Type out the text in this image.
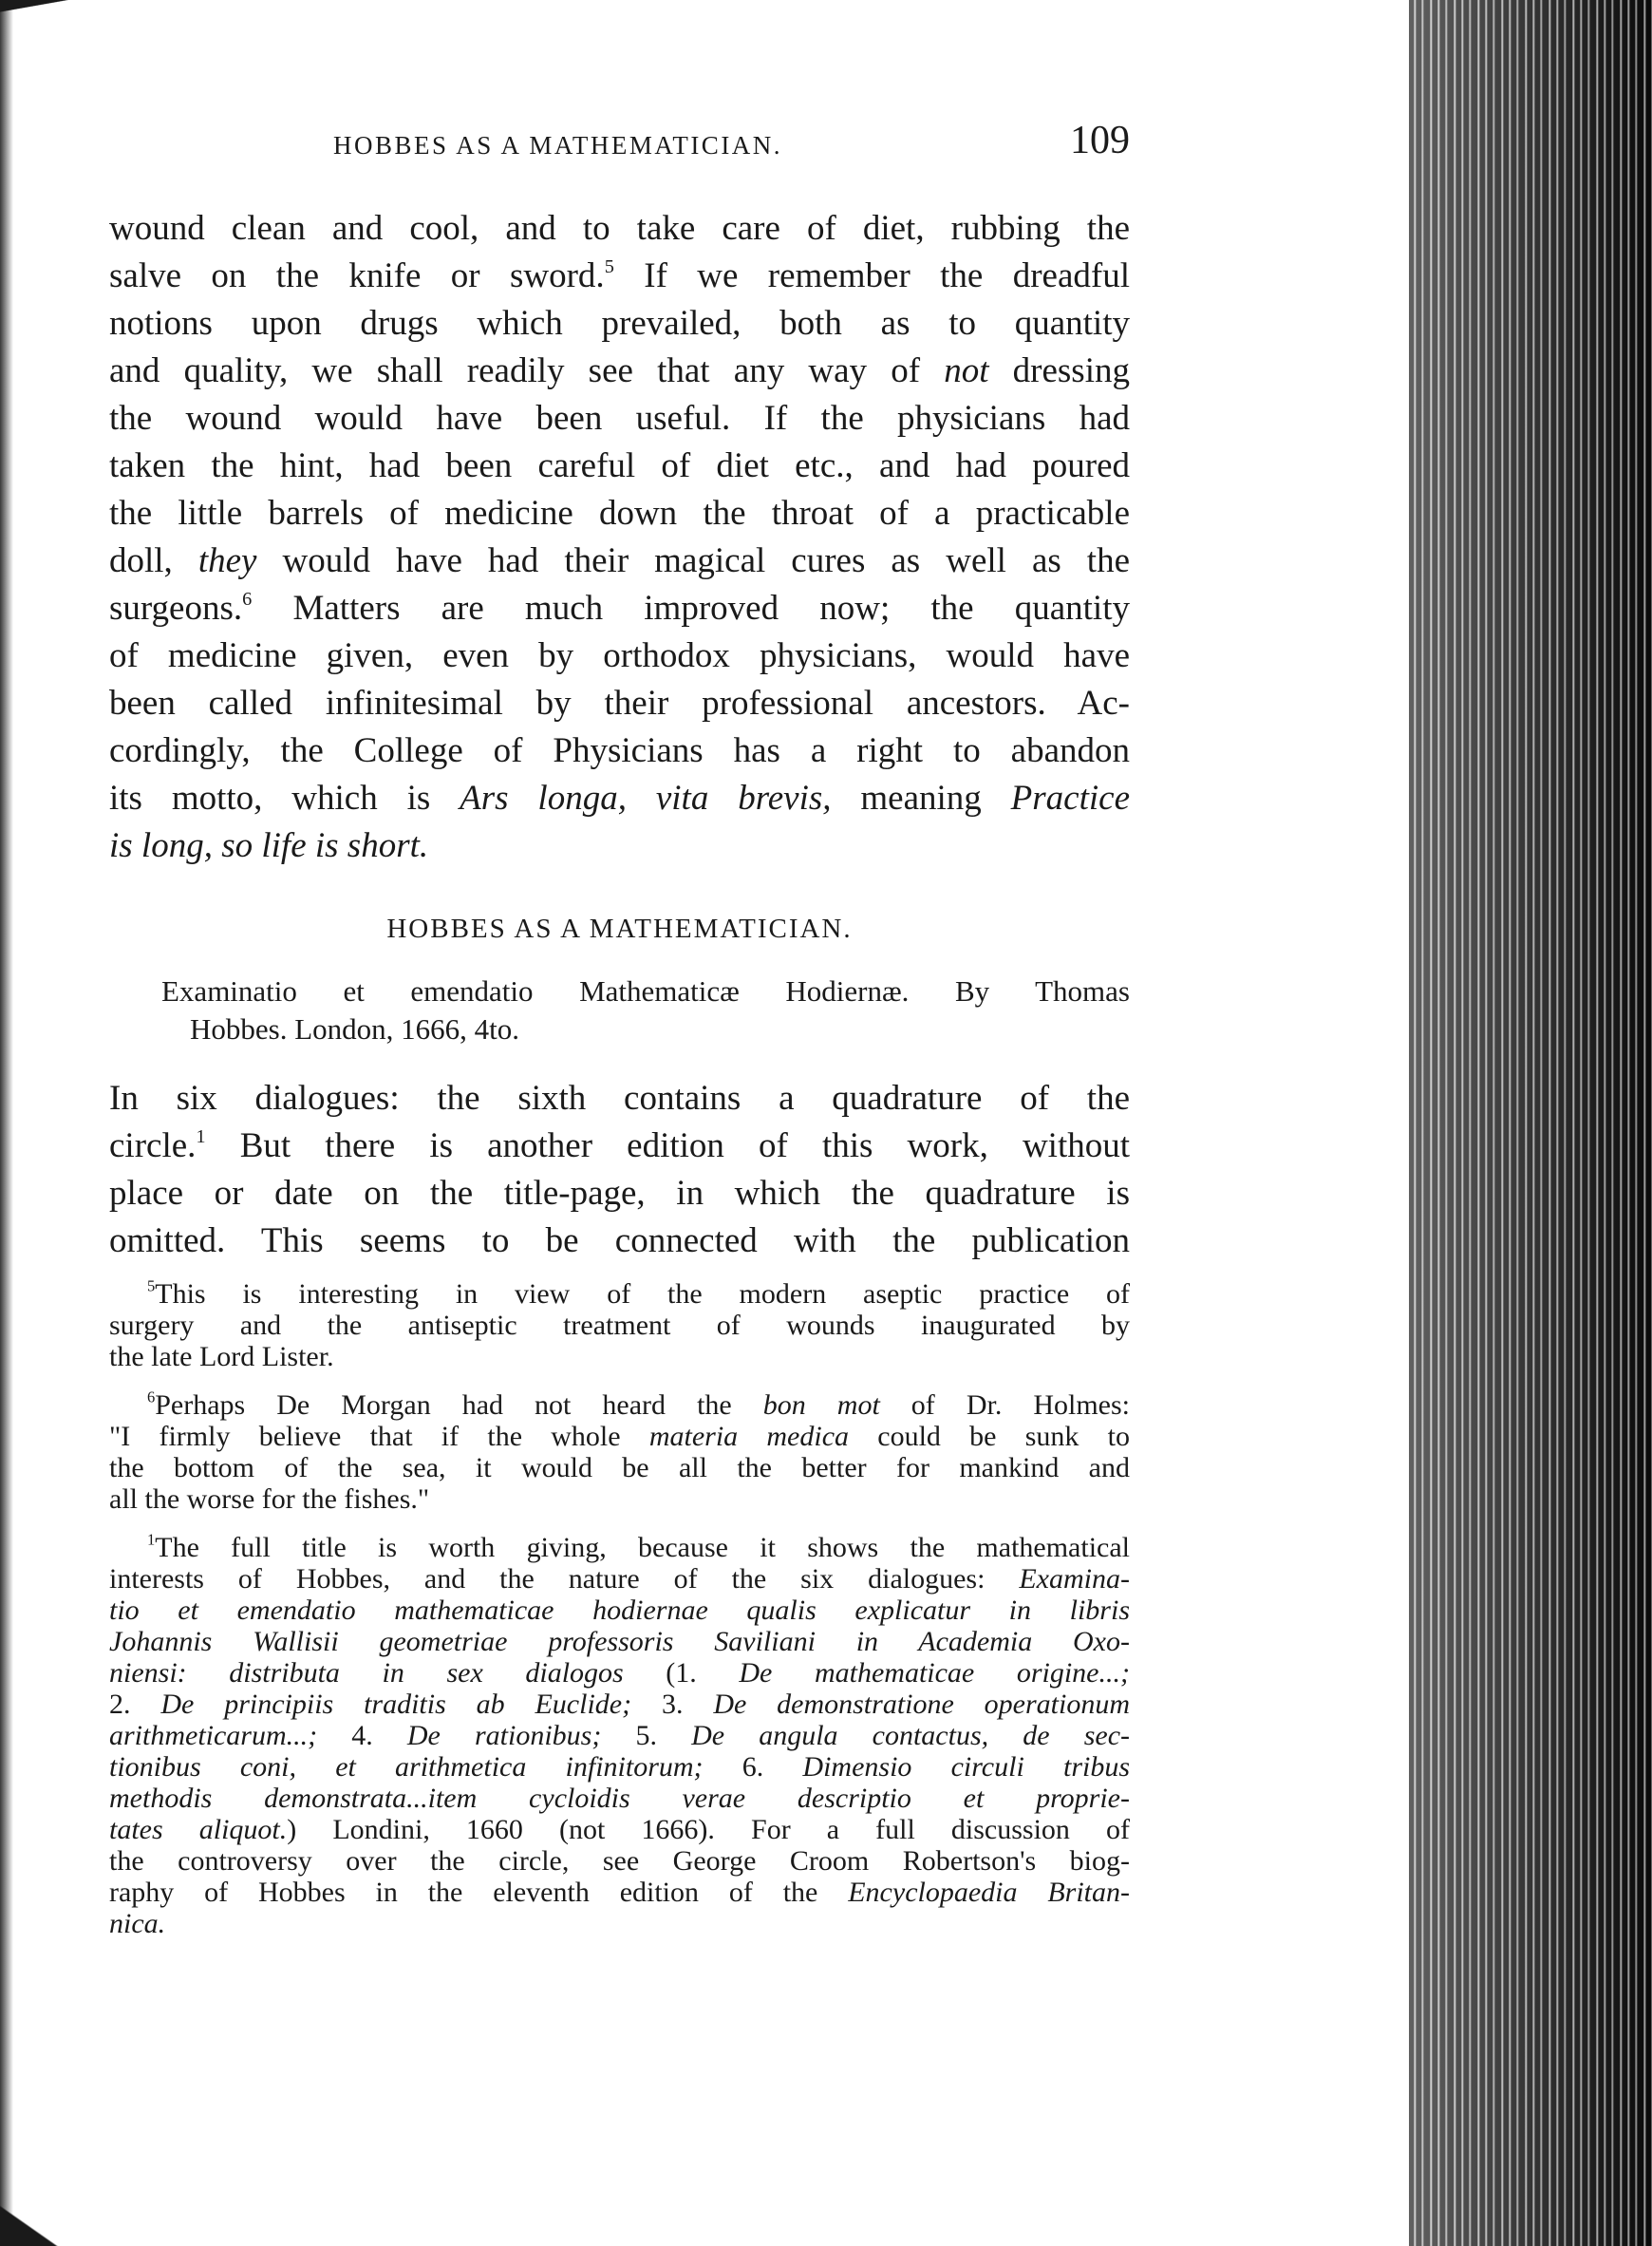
HOBBES AS A MATHEMATICIAN.	109
wound clean and cool, and to take care of diet, rubbing the
salve on the knife or sword.$^5$ If we remember the dreadful
notions upon drugs which prevailed, both as to quantity
and quality, we shall readily see that any way of not dressing
the wound would have been useful. If the physicians had
taken the hint, had been careful of diet etc., and had poured
the little barrels of medicine down the throat of a practicable
doll, they would have had their magical cures as well as the
surgeons.$^6$ Matters are much improved now; the quantity
of medicine given, even by orthodox physicians, would have
been called infinitesimal by their professional ancestors. Ac-
cordingly, the College of Physicians has a right to abandon
its motto, which is Ars longa, vita brevis, meaning Practice
is long, so life is short.
HOBBES AS A MATHEMATICIAN.
Examinatio et emendatio Mathematicæ Hodiernæ. By Thomas
Hobbes. London, 1666, 4to.
In six dialogues: the sixth contains a quadrature of the
circle.$^1$ But there is another edition of this work, without
place or date on the title-page, in which the quadrature is
omitted. This seems to be connected with the publication
$^5$This is interesting in view of the modern aseptic practice of
surgery and the antiseptic treatment of wounds inaugurated by
the late Lord Lister.
$^6$Perhaps De Morgan had not heard the bon mot of Dr. Holmes:
"I firmly believe that if the whole materia medica could be sunk to
the bottom of the sea, it would be all the better for mankind and
all the worse for the fishes."
$^1$The full title is worth giving, because it shows the mathematical
interests of Hobbes, and the nature of the six dialogues: Examina-
tio et emendatio mathematicae hodiernae qualis explicatur in libris
Johannis Wallisii geometriae professoris Saviliani in Academia Oxo-
niensi: distributa in sex dialogos (1. De mathematicae origine...;
2. De principiis traditis ab Euclide; 3. De demonstratione operationum
arithmeticarum...; 4. De rationibus; 5. De angula contactus, de sec-
tionibus coni, et arithmetica infinitorum; 6. Dimensio circuli tribus
methodis demonstrata...item cycloidis verae descriptio et proprie-
tates aliquot.) Londini, 1660 (not 1666). For a full discussion of
the controversy over the circle, see George Croom Robertson's biog-
raphy of Hobbes in the eleventh edition of the Encyclopaedia Britan-
nica.
